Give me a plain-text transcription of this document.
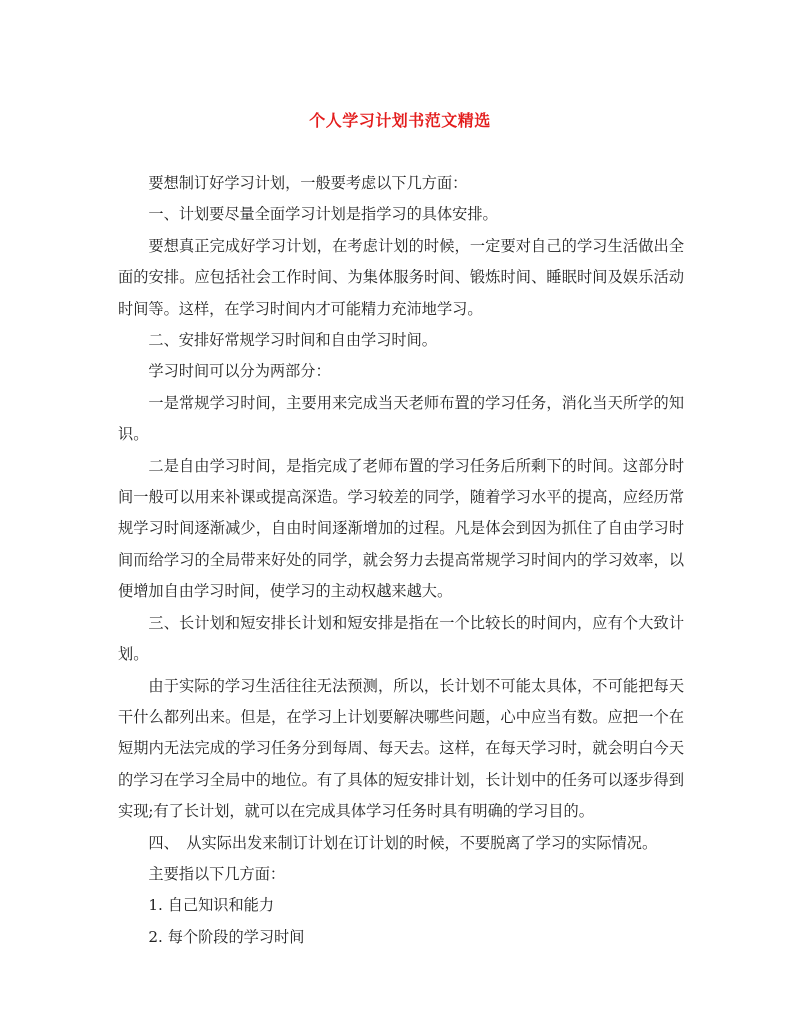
个人学习计划书范文精选

要想制订好学习计划，一般要考虑以下几方面：

一、计划要尽量全面学习计划是指学习的具体安排。

要想真正完成好学习计划，在考虑计划的时候，一定要对自己的学习生活做出全面的安排。应包括社会工作时间、为集体服务时间、锻炼时间、睡眠时间及娱乐活动时间等。这样，在学习时间内才可能精力充沛地学习。

二、安排好常规学习时间和自由学习时间。

学习时间可以分为两部分：

一是常规学习时间，主要用来完成当天老师布置的学习任务，消化当天所学的知识。

二是自由学习时间，是指完成了老师布置的学习任务后所剩下的时间。这部分时间一般可以用来补课或提高深造。学习较差的同学，随着学习水平的提高，应经历常规学习时间逐渐减少，自由时间逐渐增加的过程。凡是体会到因为抓住了自由学习时间而给学习的全局带来好处的同学，就会努力去提高常规学习时间内的学习效率，以便增加自由学习时间，使学习的主动权越来越大。

三、长计划和短安排长计划和短安排是指在一个比较长的时间内，应有个大致计划。

由于实际的学习生活往往无法预测，所以，长计划不可能太具体，不可能把每天干什么都列出来。但是，在学习上计划要解决哪些问题，心中应当有数。应把一个在短期内无法完成的学习任务分到每周、每天去。这样，在每天学习时，就会明白今天的学习在学习全局中的地位。有了具体的短安排计划，长计划中的任务可以逐步得到实现;有了长计划，就可以在完成具体学习任务时具有明确的学习目的。

四、　从实际出发来制订计划在订计划的时候，不要脱离了学习的实际情况。

主要指以下几方面：

1. 自己知识和能力

2. 每个阶段的学习时间
